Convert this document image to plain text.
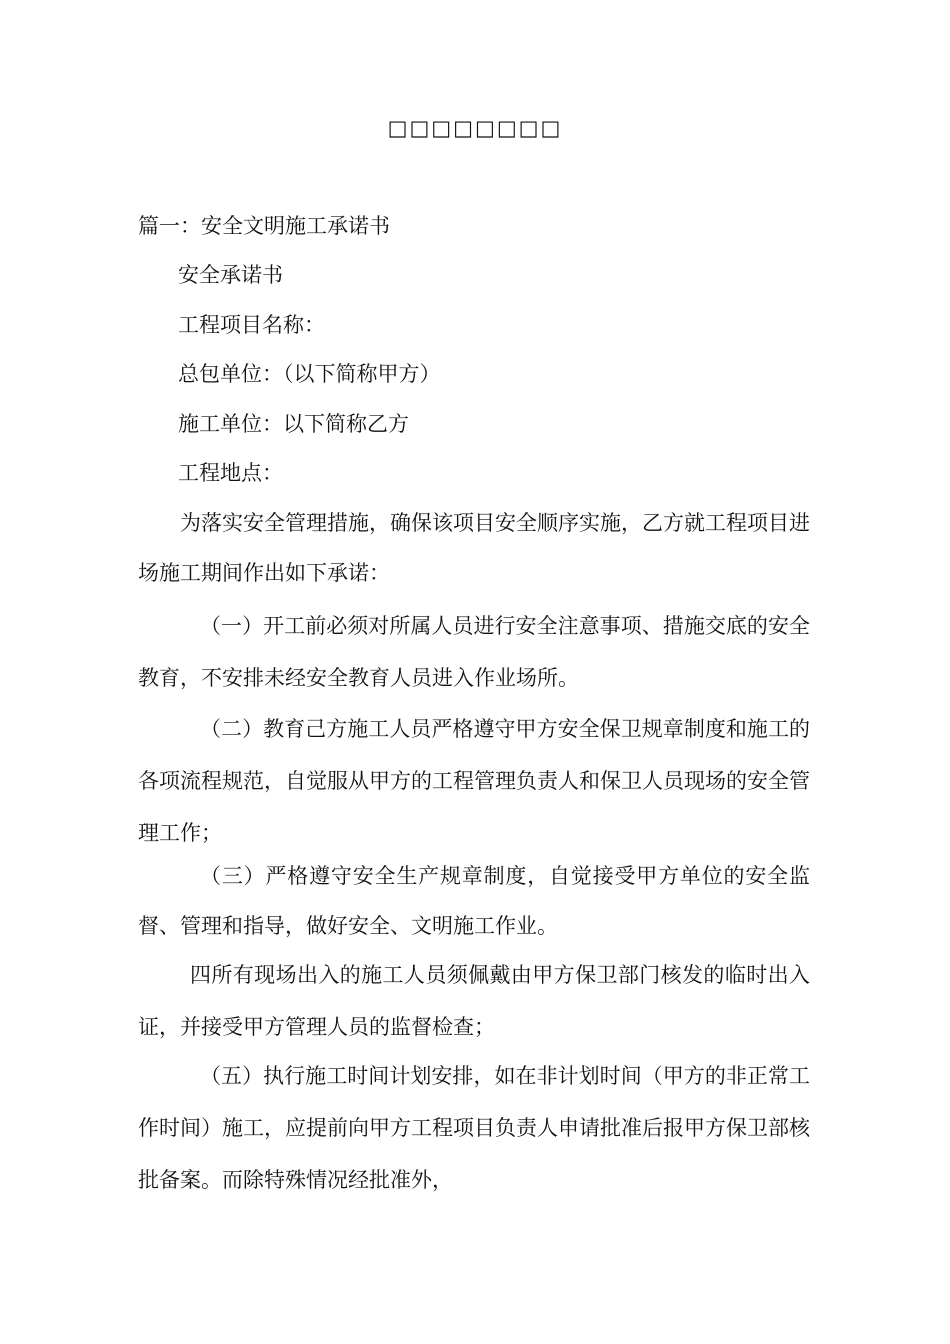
□□□□□□□□
篇一：安全文明施工承诺书
安全承诺书
工程项目名称：
总包单位：（以下简称甲方）
施工单位：以下简称乙方
工程地点：
为落实安全管理措施，确保该项目安全顺序实施，乙方就工程项目进场施工期间作出如下承诺：
（一）开工前必须对所属人员进行安全注意事项、措施交底的安全教育，不安排未经安全教育人员进入作业场所。
（二）教育己方施工人员严格遵守甲方安全保卫规章制度和施工的各项流程规范，自觉服从甲方的工程管理负责人和保卫人员现场的安全管理工作；
（三）严格遵守安全生产规章制度，自觉接受甲方单位的安全监督、管理和指导，做好安全、文明施工作业。
四所有现场出入的施工人员须佩戴由甲方保卫部门核发的临时出入证，并接受甲方管理人员的监督检查；
（五）执行施工时间计划安排，如在非计划时间（甲方的非正常工作时间）施工，应提前向甲方工程项目负责人申请批准后报甲方保卫部核批备案。而除特殊情况经批准外，
